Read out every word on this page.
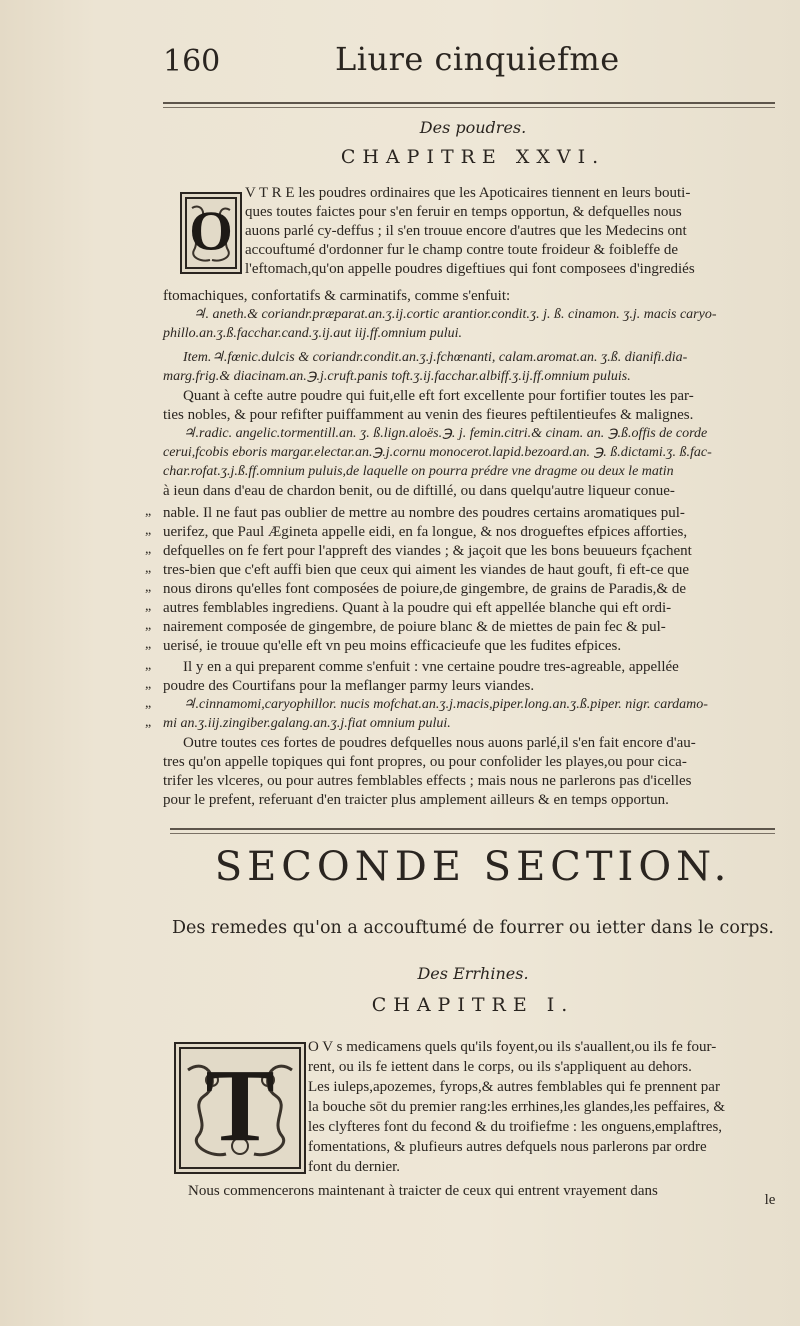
160	Liure cinquiefme
Des poudres.
CHAPITRE XXVI.
O
V T R E les poudres ordinaires que les Apoticaires tiennent en leurs bouti-
ques toutes faictes pour s'en feruir en temps opportun, & defquelles nous
auons parlé cy-deffus ; il s'en trouue encore d'autres que les Medecins ont
accouftumé d'ordonner fur le champ contre toute froideur & foibleffe de
l'eftomach,qu'on appelle poudres digeftiues qui font composees d'ingrediés
ftomachiques, confortatifs & carminatifs, comme s'enfuit:
♃. aneth.& coriandr.præparat.an.ʒ.ij.cortic arantior.condit.ʒ. j. ß. cinamon. ʒ.j. macis caryo-
phillo.an.ʒ.ß.facchar.cand.ʒ.ij.aut iij.ff.omnium pului.
Item.♃.fœnic.dulcis & coriandr.condit.an.ʒ.j.fchœnanti, calam.aromat.an. ʒ.ß. dianifi.dia-
marg.frig.& diacinam.an.℈.j.cruft.panis toft.ʒ.ij.facchar.albiff.ʒ.ij.ff.omnium puluis.
Quant à cefte autre poudre qui fuit,elle eft fort excellente pour fortifier toutes les par-
ties nobles, & pour refifter puiffamment au venin des fieures peftilentieufes & malignes.
♃.radic. angelic.tormentill.an. ʒ. ß.lign.aloës.℈. j. femin.citri.& cinam. an. ℈.ß.offis de corde
cerui,fcobis eboris margar.electar.an.℈.j.cornu monocerot.lapid.bezoard.an. ℈. ß.dictami.ʒ. ß.fac-
char.rofat.ʒ.j.ß.ff.omnium puluis,de laquelle on pourra prédre vne dragme ou deux le matin
à ieun dans d'eau de chardon benit, ou de diftillé, ou dans quelqu'autre liqueur conue-
nable. Il ne faut pas oublier de mettre au nombre des poudres certains aromatiques pul-
uerifez, que Paul Ægineta appelle eidi, en fa longue, & nos drogueftes efpices afforties,
defquelles on fe fert pour l'appreft des viandes ; & jaçoit que les bons beuueurs fçachent
tres-bien que c'eft auffi bien que ceux qui aiment les viandes de haut gouft, fi eft-ce que
nous dirons qu'elles font composées de poiure,de gingembre, de grains de Paradis,& de
autres femblables ingrediens. Quant à la poudre qui eft appellée blanche qui eft ordi-
nairement composée de gingembre, de poiure blanc & de miettes de pain fec & pul-
uerisé, ie trouue qu'elle eft vn peu moins efficacieufe que les fudites efpices.
Il y en a qui preparent comme s'enfuit : vne certaine poudre tres-agreable, appellée
poudre des Courtifans pour la meflanger parmy leurs viandes.
♃.cinnamomi,caryophillor. nucis mofchat.an.ʒ.j.macis,piper.long.an.ʒ.ß.piper. nigr. cardamo-
mi an.ʒ.iij.zingiber.galang.an.ʒ.j.fiat omnium pului.
Outre toutes ces fortes de poudres defquelles nous auons parlé,il s'en fait encore d'au-
tres qu'on appelle topiques qui font propres, ou pour confolider les playes,ou pour cica-
trifer les vlceres, ou pour autres femblables effects ; mais nous ne parlerons pas d'icelles
pour le prefent, referuant d'en traicter plus amplement ailleurs & en temps opportun.
„
„
„
„
„
„
„
„
„
„
„
„
SECONDE SECTION.
Des remedes qu'on a accouftumé de fourrer ou ietter dans le corps.
Des Errhines.
CHAPITRE I.
T
O V s medicamens quels qu'ils foyent,ou ils s'auallent,ou ils fe four-
rent, ou ils fe iettent dans le corps, ou ils s'appliquent au dehors.
Les iuleps,apozemes, fyrops,& autres femblables qui fe prennent par
la bouche sōt du premier rang:les errhines,les glandes,les peffaires, &
les clyfteres font du fecond & du troifiefme : les onguens,emplaftres,
fomentations, & plufieurs autres defquels nous parlerons par ordre
font du dernier.
Nous commencerons maintenant à traicter de ceux qui entrent vrayement dans
le
